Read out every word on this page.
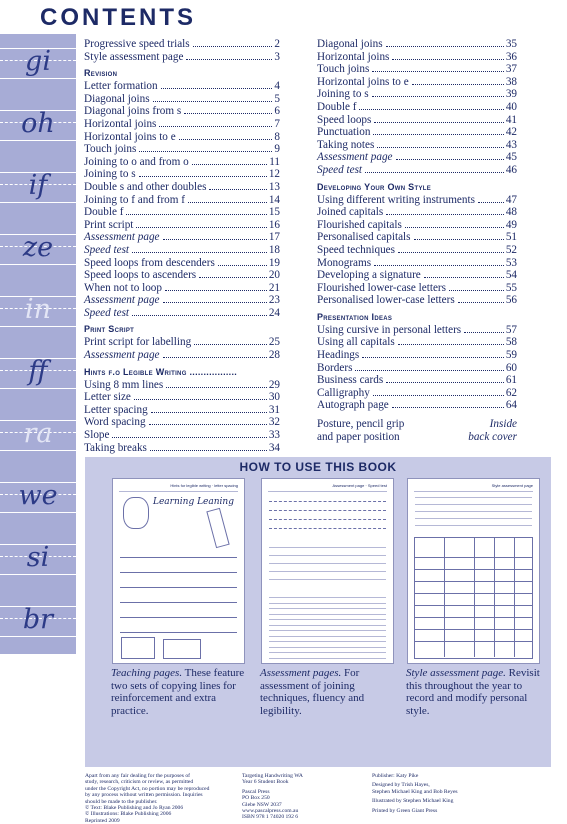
CONTENTS
gi
oh
if
ze
in
ff
ra
we
si
br
Progressive speed trials	2
Style assessment page	3
Revision
Letter formation	4
Diagonal joins	5
Diagonal joins from s	6
Horizontal joins	7
Horizontal joins to e	8
Touch joins	9
Joining to o and from o	11
Joining to s	12
Double s and other doubles	13
Joining to f and from f	14
Double f	15
Print script	16
Assessment page	17
Speed test	18
Speed loops from descenders	19
Speed loops to ascenders	20
When not to loop	21
Assessment page	23
Speed test	24
Print Script
Print script for labelling	25
Assessment page	28
Hints f.o Legible Writing .................
Using 8 mm lines	29
Letter size	30
Letter spacing	31
Word spacing	32
Slope	33
Taking breaks	34
Diagonal joins	35
Horizontal joins	36
Touch joins	37
Horizontal joins to e	38
Joining to s	39
Double f	40
Speed loops	41
Punctuation	42
Taking notes	43
Assessment page	45
Speed test	46
Developing Your Own Style
Using different writing instruments	47
Joined capitals	48
Flourished capitals	49
Personalised capitals	51
Speed techniques	52
Monograms	53
Developing a signature	54
Flourished lower-case letters	55
Personalised lower-case letters	56
Presentation Ideas
Using cursive in personal letters	57
Using all capitals	58
Headings	59
Borders	60
Business cards	61
Calligraphy	62
Autograph page	64
Posture, pencil grip	Inside
and paper position	back cover
HOW TO USE THIS BOOK
Hints for legible writing · letter spacing
Learning Leaning
Teaching pages. These feature two sets of copying lines for reinforcement and extra practice.
Assessment page · Speed test
Assessment pages. For assessment of joining techniques, fluency and legibility.
Style assessment page
Style assessment page. Revisit this throughout the year to record and modify personal style.
Apart from any fair dealing for the purposes of
study, research, criticism or review, as permitted
under the Copyright Act, no portion may be reproduced
by any process without written permission. Inquiries
should be made to the publisher.
© Text: Blake Publishing and Jo Ryan 2006
© Illustrations: Blake Publishing 2006
Reprinted 2009
Targeting Handwriting WA
Year 6 Student Book
Pascal Press
PO Box 250
Glebe NSW 2037
www.pascalpress.com.au
ISBN 978 1 74020 192 6
Publisher: Katy Pike
Designed by Trish Hayes,
Stephen Michael King and Bob Reyes
Illustrated by Stephen Michael King
Printed by Green Giant Press
